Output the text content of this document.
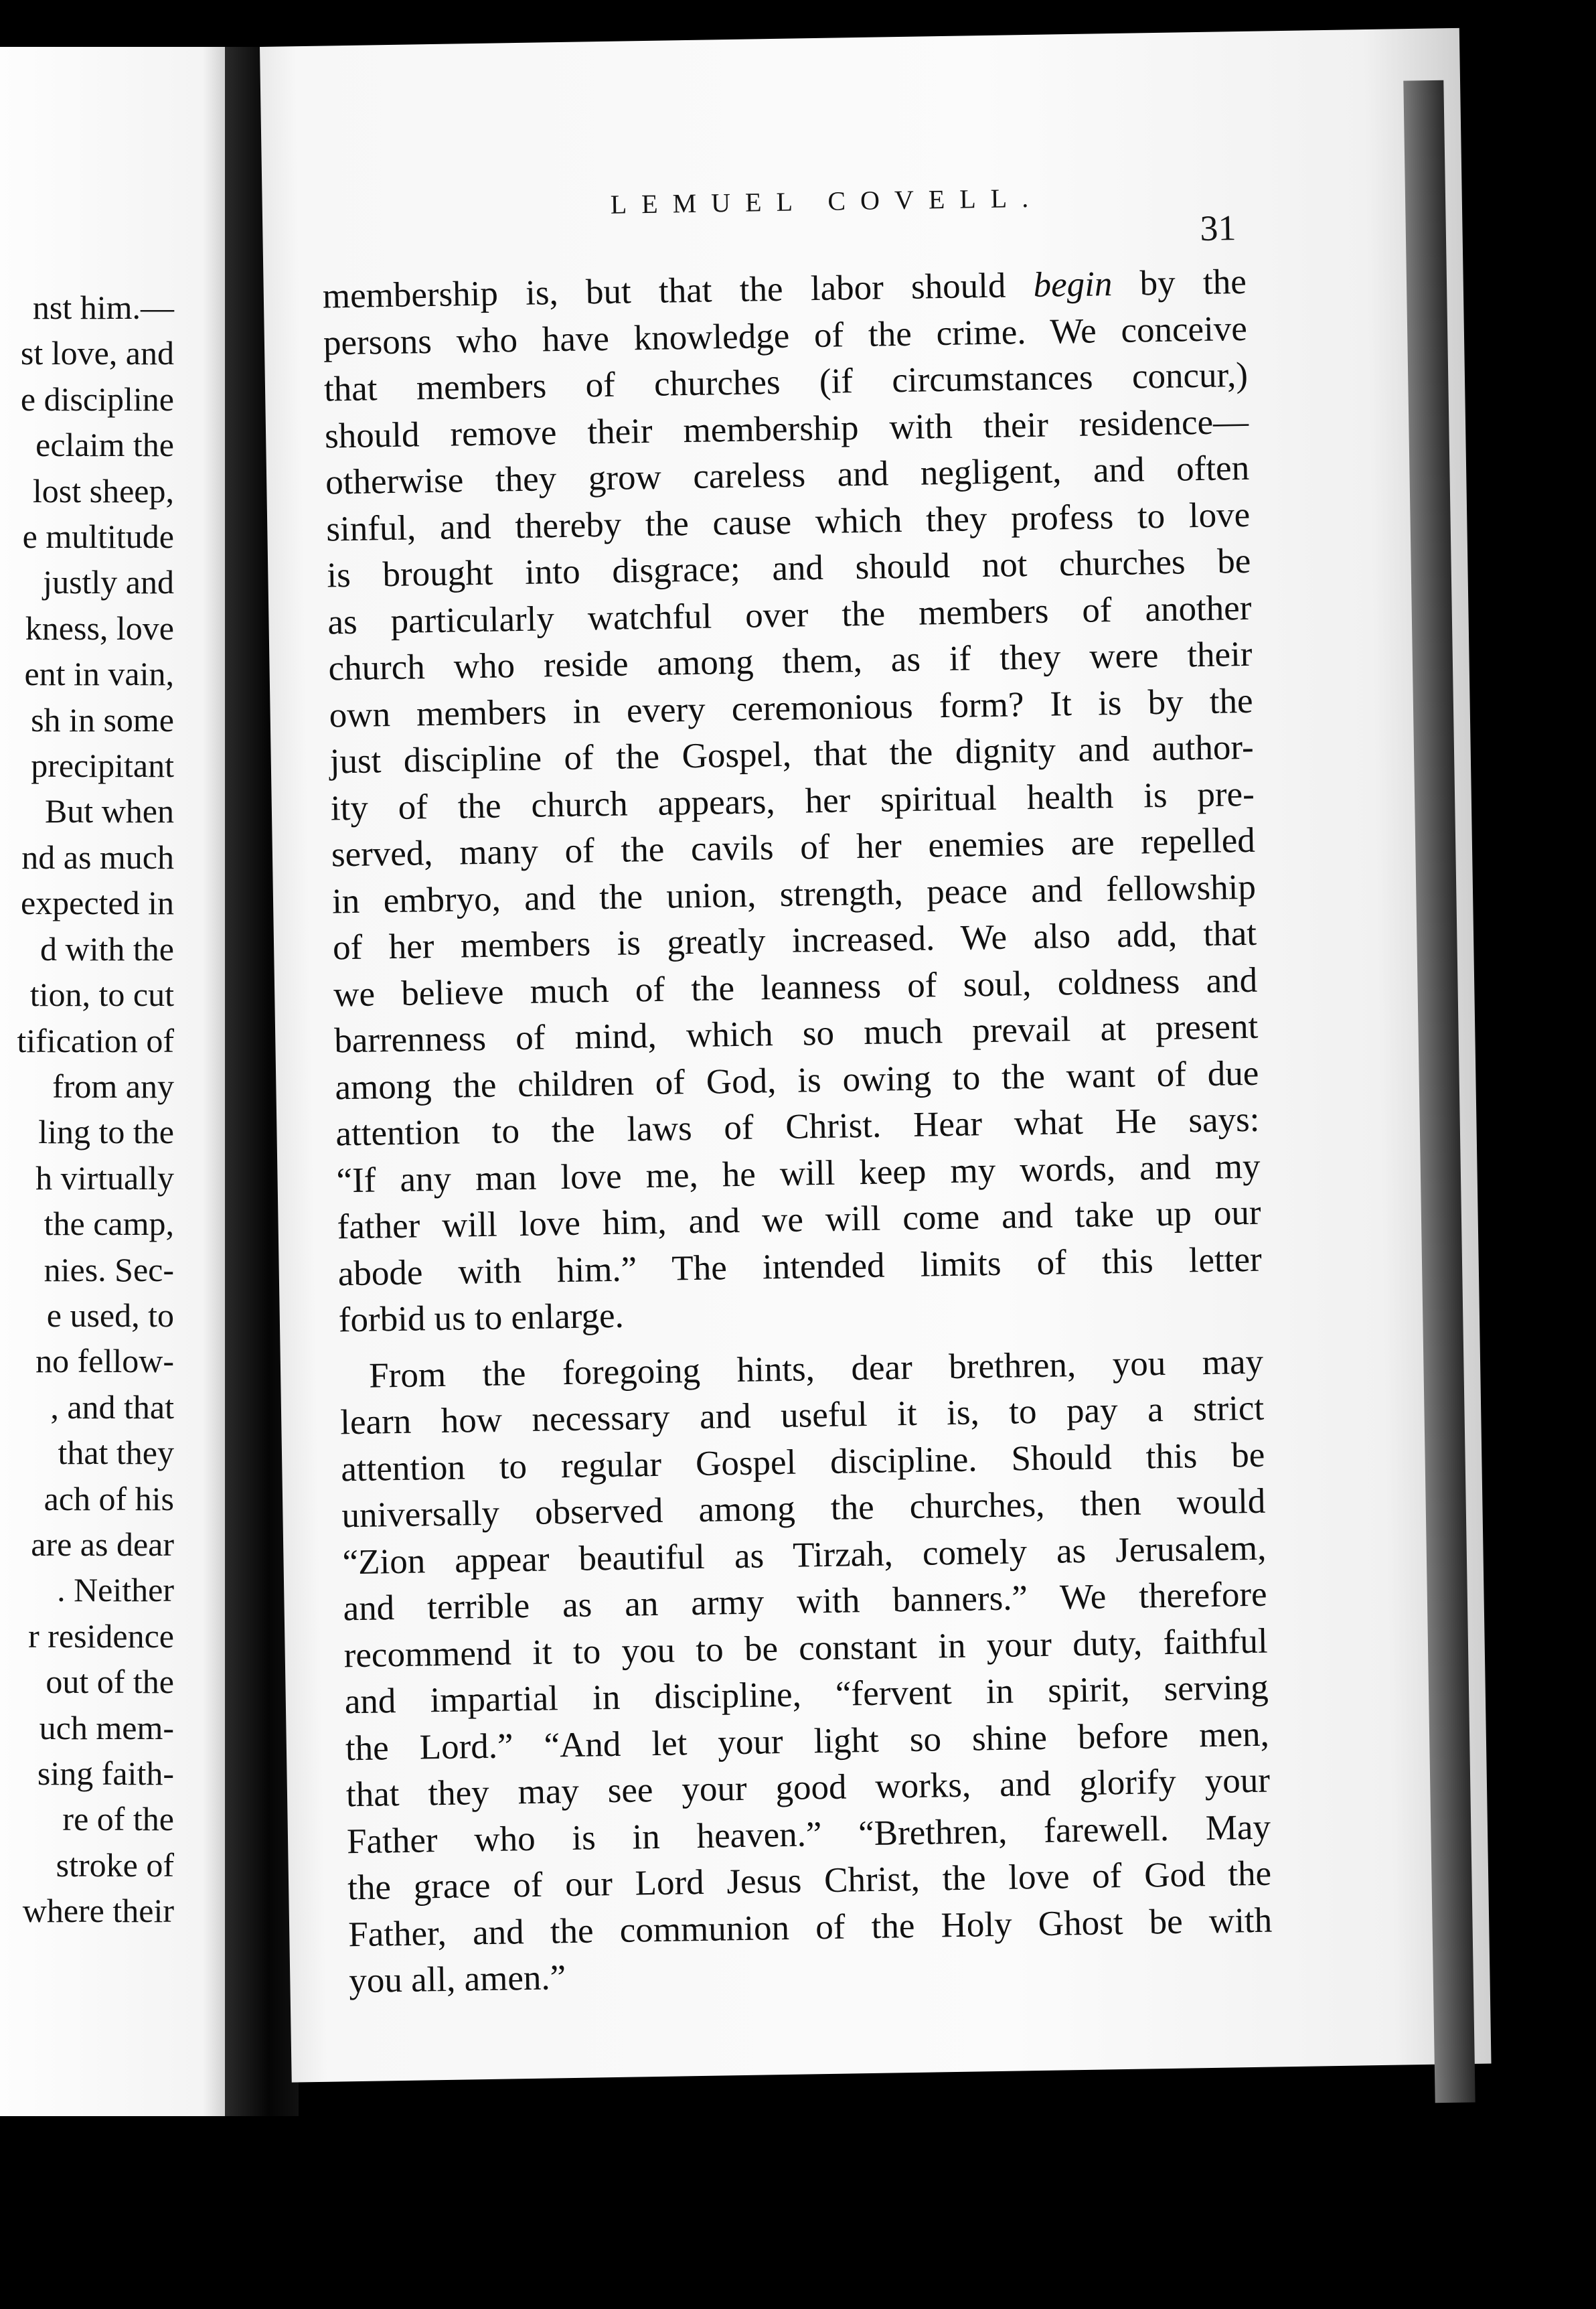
nst him.—
st love, and
e discipline
eclaim the
lost sheep,
e multitude
justly and
kness, love
ent in vain,
sh in some
precipitant
But when
nd as much
expected in
d with the
tion, to cut
tification of
from any
ling to the
h virtually
the camp,
nies. Sec-
e used, to
no fellow-
, and that
that they
ach of his
are as dear
. Neither
r residence
out of the
uch mem-
sing faith-
re of the
stroke of
where their
LEMUEL COVELL.
31
membership is, but that the labor should begin by the
persons who have knowledge of the crime. We conceive
that members of churches (if circumstances concur,)
should remove their membership with their residence—
otherwise they grow careless and negligent, and often
sinful, and thereby the cause which they profess to love
is brought into disgrace; and should not churches be
as particularly watchful over the members of another
church who reside among them, as if they were their
own members in every ceremonious form? It is by the
just discipline of the Gospel, that the dignity and author-
ity of the church appears, her spiritual health is pre-
served, many of the cavils of her enemies are repelled
in embryo, and the union, strength, peace and fellowship
of her members is greatly increased. We also add, that
we believe much of the leanness of soul, coldness and
barrenness of mind, which so much prevail at present
among the children of God, is owing to the want of due
attention to the laws of Christ. Hear what He says:
“If any man love me, he will keep my words, and my
father will love him, and we will come and take up our
abode with him.” The intended limits of this letter
forbid us to enlarge.
From the foregoing hints, dear brethren, you may
learn how necessary and useful it is, to pay a strict
attention to regular Gospel discipline. Should this be
universally observed among the churches, then would
“Zion appear beautiful as Tirzah, comely as Jerusalem,
and terrible as an army with banners.” We therefore
recommend it to you to be constant in your duty, faithful
and impartial in discipline, “fervent in spirit, serving
the Lord.” “And let your light so shine before men,
that they may see your good works, and glorify your
Father who is in heaven.” “Brethren, farewell. May
the grace of our Lord Jesus Christ, the love of God the
Father, and the communion of the Holy Ghost be with
you all, amen.”
